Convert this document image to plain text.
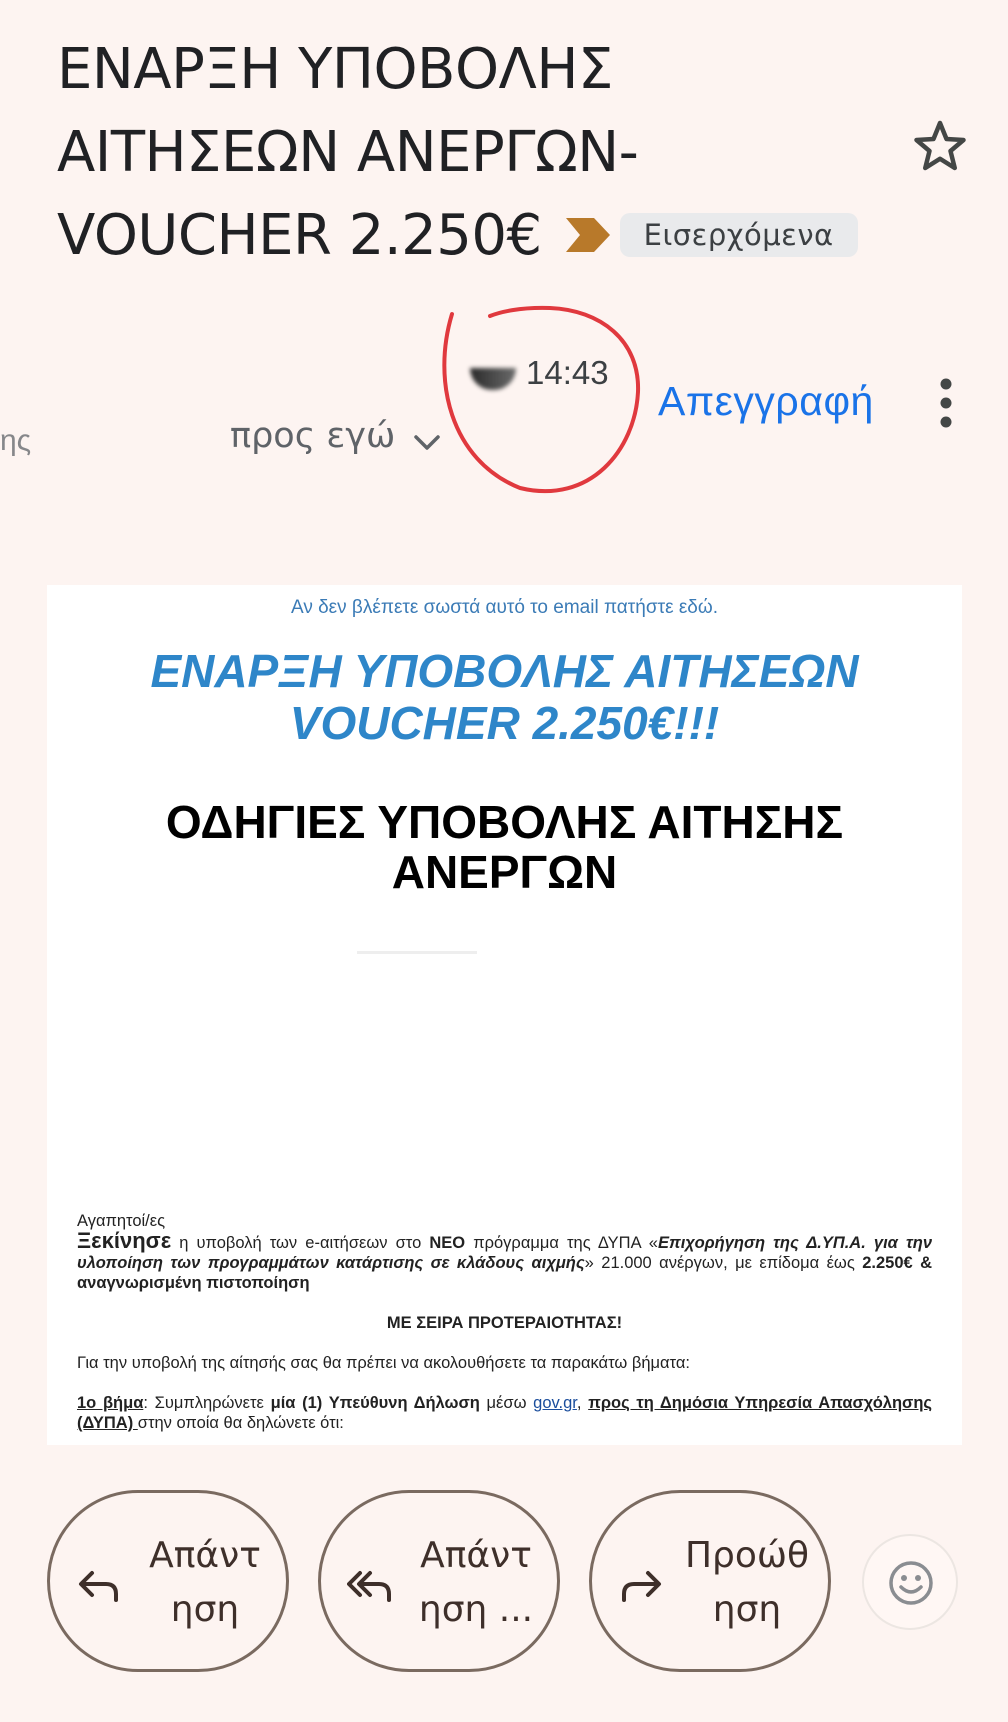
ΕΝΑΡΞΗ ΥΠΟΒΟΛΗΣ
ΑΙΤΗΣΕΩΝ ΑΝΕΡΓΩΝ-
VOUCHER 2.250€	Εισερχόμενα
ης
14:43
προς εγώ
Απεγγραφή
Αν δεν βλέπετε σωστά αυτό το email πατήστε εδώ.
ΕΝΑΡΞΗ ΥΠΟΒΟΛΗΣ ΑΙΤΗΣΕΩΝ
VOUCHER 2.250€!!!
ΟΔΗΓΙΕΣ ΥΠΟΒΟΛΗΣ ΑΙΤΗΣΗΣ
ΑΝΕΡΓΩΝ

Αγαπητοί/ες

Ξεκίνησε η υποβολή των e-αιτήσεων στο ΝΕΟ πρόγραμμα της ΔΥΠΑ «Επιχορήγηση της Δ.ΥΠ.Α. για την υλοποίηση των προγραμμάτων κατάρτισης σε κλάδους αιχμής» 21.000 ανέργων, με επίδομα έως 2.250€ & αναγνωρισμένη πιστοποίηση

ΜΕ ΣΕΙΡΑ ΠΡΟΤΕΡΑΙΟΤΗΤΑΣ!

Για την υποβολή της αίτησής σας θα πρέπει να ακολουθήσετε τα παρακάτω βήματα:

1ο βήμα: Συμπληρώνετε μία (1) Υπεύθυνη Δήλωση μέσω gov.gr, προς τη Δημόσια Υπηρεσία Απασχόλησης (ΔΥΠΑ) στην οποία θα δηλώνετε ότι:

Απάντηση
Απάντηση ...
Προώθηση
